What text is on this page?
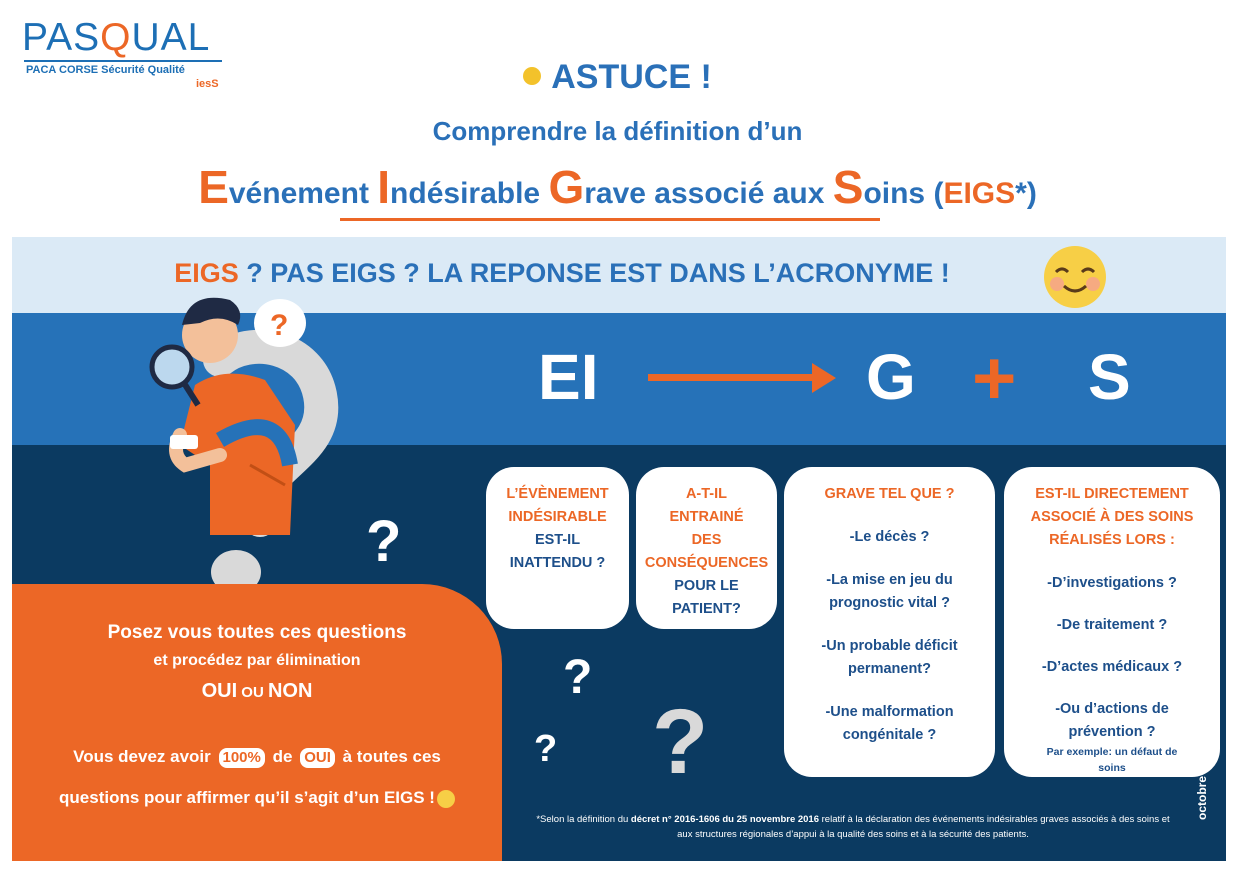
PASQUAL
PACA CORSE Sécurité Qualité
iesS	ASTUCE !
Comprendre la définition d’un
Evénement Indésirable Grave associé aux Soins (EIGS*)
EIGS ? PAS EIGS ? LA REPONSE EST DANS L’ACRONYME !
EI	G + S

L’ÉVÈNEMENT

INDÉSIRABLE

EST-IL

INATTENDU ?

A-T-IL

ENTRAINÉ

DES

CONSÉQUENCES

POUR LE

PATIENT?

GRAVE TEL QUE ?

-Le décès ?

-La mise en jeu du prognostic vital ?

-Un probable déficit permanent?

-Une malformation congénitale ?

EST-IL DIRECTEMENT

ASSOCIÉ À DES SOINS

RÉALISÉS LORS :

-D’investigations ?

-De traitement ?

-D’actes médicaux ?

-Ou d’actions de prévention ?

Par exemple: un défaut de soins

?
?
? ?
?
Posez vous toutes ces questions
et procédez par élimination
OUI OU NON
Vous devez avoir 100% de OUI à toutes ces
questions pour affirmer qu’il s’agit d’un EIGS !
*Selon la définition du décret n° 2016-1606 du 25 novembre 2016 relatif à la déclaration des événements indésirables graves associés à des soins et aux structures régionales d’appui à la qualité des soins et à la sécurité des patients.
octobre 2022
